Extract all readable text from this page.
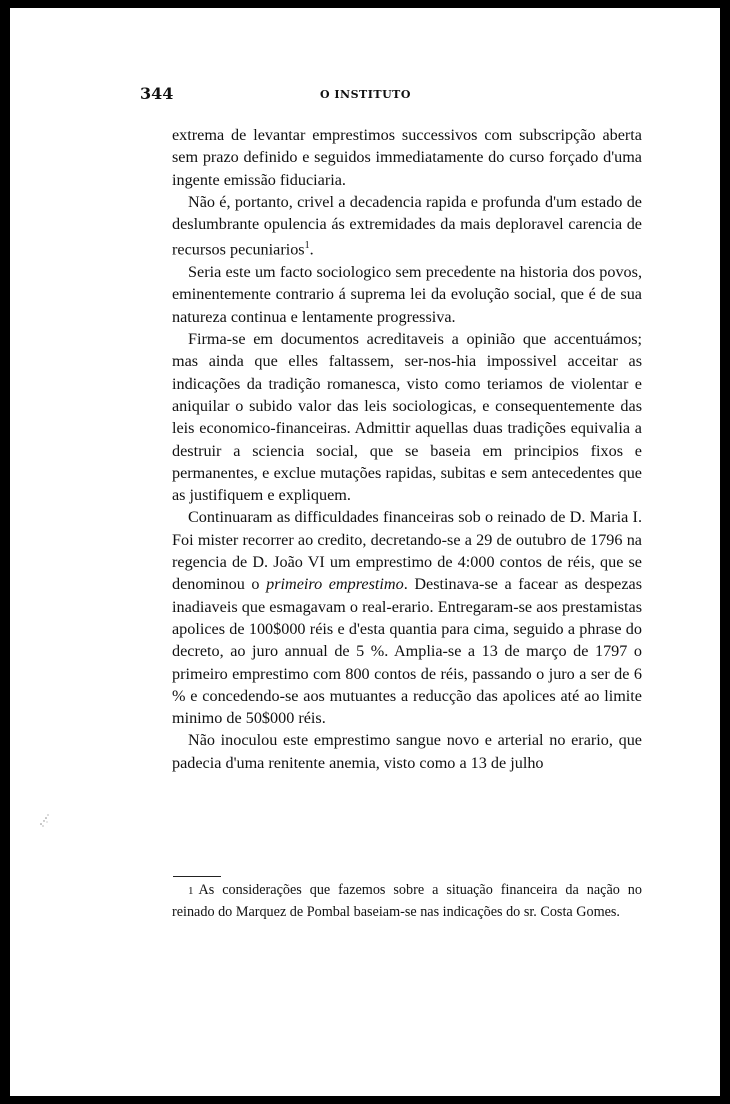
344	O INSTITUTO

extrema de levantar emprestimos successivos com subscripção aberta sem prazo definido e seguidos immediatamente do curso forçado d'uma ingente emissão fiduciaria.

Não é, portanto, crivel a decadencia rapida e profunda d'um estado de deslumbrante opulencia ás extremidades da mais deploravel carencia de recursos pecuniarios$^1$.

Seria este um facto sociologico sem precedente na historia dos povos, eminentemente contrario á suprema lei da evolução social, que é de sua natureza continua e lentamente progressiva.

Firma-se em documentos acreditaveis a opinião que accentuámos; mas ainda que elles faltassem, ser-nos-hia impossivel acceitar as indicações da tradição romanesca, visto como teriamos de violentar e aniquilar o subido valor das leis sociologicas, e consequentemente das leis economico-financeiras. Admittir aquellas duas tradições equivalia a destruir a sciencia social, que se baseia em principios fixos e permanentes, e exclue mutações rapidas, subitas e sem antecedentes que as justifiquem e expliquem.

Continuaram as difficuldades financeiras sob o reinado de D. Maria I. Foi mister recorrer ao credito, decretando-se a 29 de outubro de 1796 na regencia de D. João VI um emprestimo de 4:000 contos de réis, que se denominou o primeiro emprestimo. Destinava-se a facear as despezas inadiaveis que esmagavam o real-erario. Entregaram-se aos prestamistas apolices de 100$000 réis e d'esta quantia para cima, seguido a phrase do decreto, ao juro annual de 5 %. Amplia-se a 13 de março de 1797 o primeiro emprestimo com 800 contos de réis, passando o juro a ser de 6 % e concedendo-se aos mutuantes a reducção das apolices até ao limite minimo de 50$000 réis.

Não inoculou este emprestimo sangue novo e arterial no erario, que padecia d'uma renitente anemia, visto como a 13 de julho

1 As considerações que fazemos sobre a situação financeira da nação no reinado do Marquez de Pombal baseiam-se nas indicações do sr. Costa Gomes.
